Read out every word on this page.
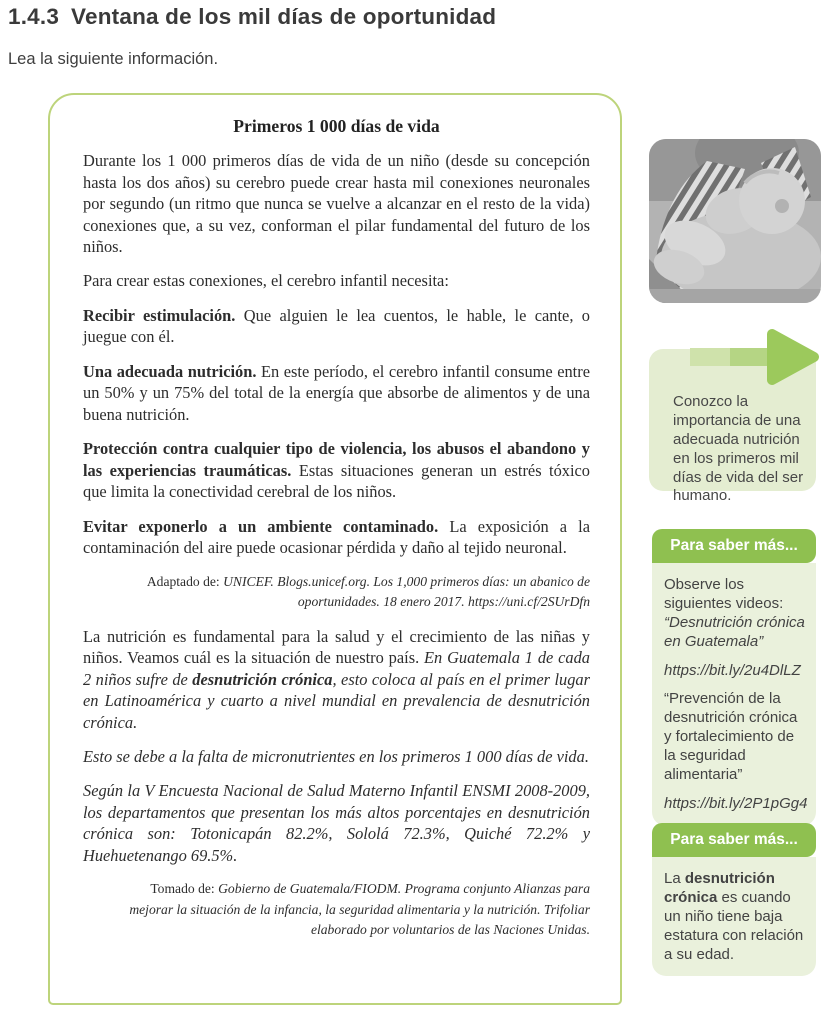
1.4.3 Ventana de los mil días de oportunidad

Lea la siguiente información.

Primeros 1 000 días de vida

Durante los 1 000 primeros días de vida de un niño (desde su concepción hasta los dos años) su cerebro puede crear hasta mil conexiones neuronales por segundo (un ritmo que nunca se vuelve a alcanzar en el resto de la vida) conexiones que, a su vez, conforman el pilar fundamental del futuro de los niños.

Para crear estas conexiones, el cerebro infantil necesita:

Recibir estimulación. Que alguien le lea cuentos, le hable, le cante, o juegue con él.

Una adecuada nutrición. En este período, el cerebro infantil consume entre un 50% y un 75% del total de la energía que absorbe de alimentos y de una buena nutrición.

Protección contra cualquier tipo de violencia, los abusos el abandono y las experiencias traumáticas. Estas situaciones generan un estrés tóxico que limita la conectividad cerebral de los niños.

Evitar exponerlo a un ambiente contaminado. La exposición a la contaminación del aire puede ocasionar pérdida y daño al tejido neuronal.

Adaptado de: UNICEF. Blogs.unicef.org. Los 1,000 primeros días: un abanico de oportunidades. 18 enero 2017. https://uni.cf/2SUrDfn

La nutrición es fundamental para la salud y el crecimiento de las niñas y niños. Veamos cuál es la situación de nuestro país. En Guatemala 1 de cada 2 niños sufre de desnutrición crónica, esto coloca al país en el primer lugar en Latinoamérica y cuarto a nivel mundial en prevalencia de desnutrición crónica.

Esto se debe a la falta de micronutrientes en los primeros 1 000 días de vida.

Según la V Encuesta Nacional de Salud Materno Infantil ENSMI 2008-2009, los departamentos que presentan los más altos porcentajes en desnutrición crónica son: Totonicapán 82.2%, Sololá 72.3%, Quiché 72.2% y Huehuetenango 69.5%.

Tomado de: Gobierno de Guatemala/FIODM. Programa conjunto Alianzas para mejorar la situación de la infancia, la seguridad alimentaria y la nutrición. Trifoliar elaborado por voluntarios de las Naciones Unidas.

Conozco la importancia de una adecuada nutrición en los primeros mil días de vida del ser humano.

Para saber más...

Observe los siguientes videos: “Desnutrición crónica en Guatemala”

https://bit.ly/2u4DlLZ

“Prevención de la desnutrición crónica y fortalecimiento de la seguridad alimentaria”

https://bit.ly/2P1pGg4

Para saber más...

La desnutrición crónica es cuando un niño tiene baja estatura con relación a su edad.
